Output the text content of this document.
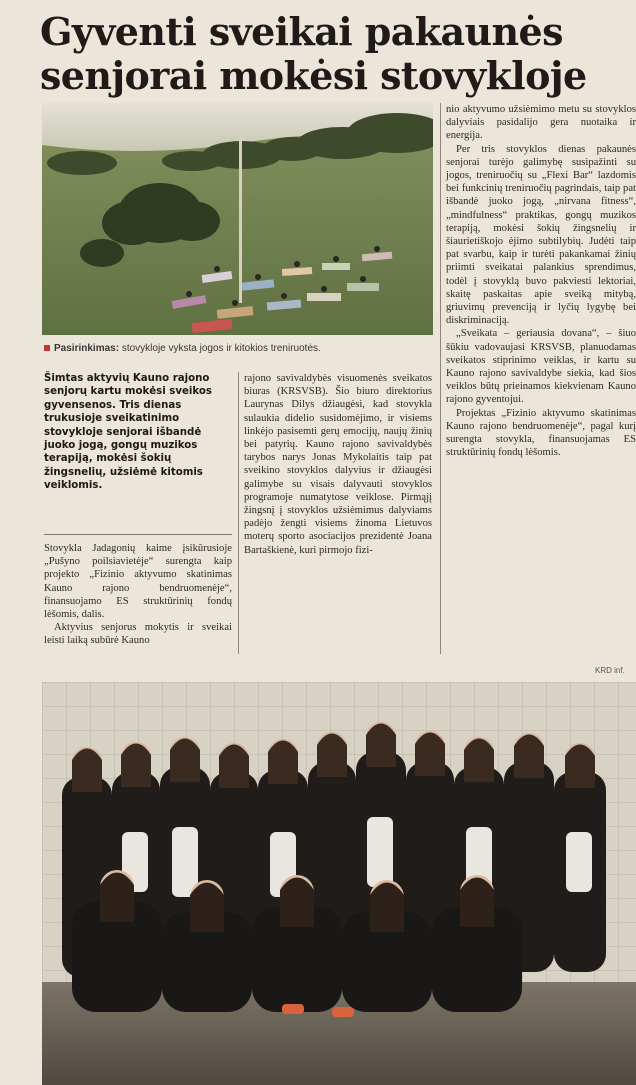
Gyventi sveikai pakaunės
senjorai mokėsi stovykloje
Pasirinkimas: stovykloje vyksta jogos ir kitokios treniruotės.

Šimtas aktyvių Kauno rajono senjorų kartu mokėsi sveikos gyvensenos. Tris dienas trukusioje sveikatinimo stovykloje senjorai išbandė juoko jogą, gongų muzikos terapiją, mokėsi šokių žingsnelių, užsiėmė kitomis veiklomis.

Stovykla Jadagonių kaime įsikūrusioje „Pušyno poilsiavietėje“ surengta kaip projekto „Fizinio aktyvumo skatinimas Kauno rajono bendruomenėje“, finansuojamo ES struktūrinių fondų lėšomis, dalis.

Aktyvius senjorus mokytis ir sveikai leisti laiką subūrė Kauno

rajono savivaldybės visuomenės sveikatos biuras (KRSVSB). Šio biuro direktorius Laurynas Dilys džiaugėsi, kad stovykla sulaukia didelio susidomėjimo, ir visiems linkėjo pasisemti gerų emocijų, naujų žinių bei patyrių. Kauno rajono savivaldybės tarybos narys Jonas Mykolaitis taip pat sveikino stovyklos dalyvius ir džiaugėsi galimybe su visais dalyvauti stovyklos programoje numatytose veiklose. Pirmąjį žingsnį į stovyklos užsiėmimus dalyviams padėjo žengti visiems žinoma Lietuvos moterų sporto asociacijos prezidentė Joana Bartaškienė, kuri pirmojo fizi-

nio aktyvumo užsiėmimo metu su stovyklos dalyviais pasidalijo gera nuotaika ir energija.

Per tris stovyklos dienas pakaunės senjorai turėjo galimybę susipažinti su jogos, treniruočių su „Flexi Bar“ lazdomis bei funkcinių treniruočių pagrindais, taip pat išbandė juoko jogą, „nirvana fitness“, „mindfulness“ praktikas, gongų muzikos terapiją, mokėsi šokių žingsnelių ir šiaurietiškojo ėjimo subtilybių. Judėti taip pat svarbu, kaip ir turėti pakankamai žinių priimti sveikatai palankius sprendimus, todėl į stovyklą buvo pakviesti lektoriai, skaitę paskaitas apie sveiką mitybą, griuvimų prevenciją ir lyčių lygybę bei diskriminaciją.

„Sveikata – geriausia dovana“, – šiuo šūkiu vadovaujasi KRSVSB, planuodamas sveikatos stiprinimo veiklas, ir kartu su Kauno rajono savivaldybe siekia, kad šios veiklos būtų prieinamos kiekvienam Kauno rajono gyventojui.

Projektas „Fizinio aktyvumo skatinimas Kauno rajono bendruomenėje“, pagal kurį surengta stovykla, finansuojamas ES struktūrinių fondų lėšomis.

KRD inf.
